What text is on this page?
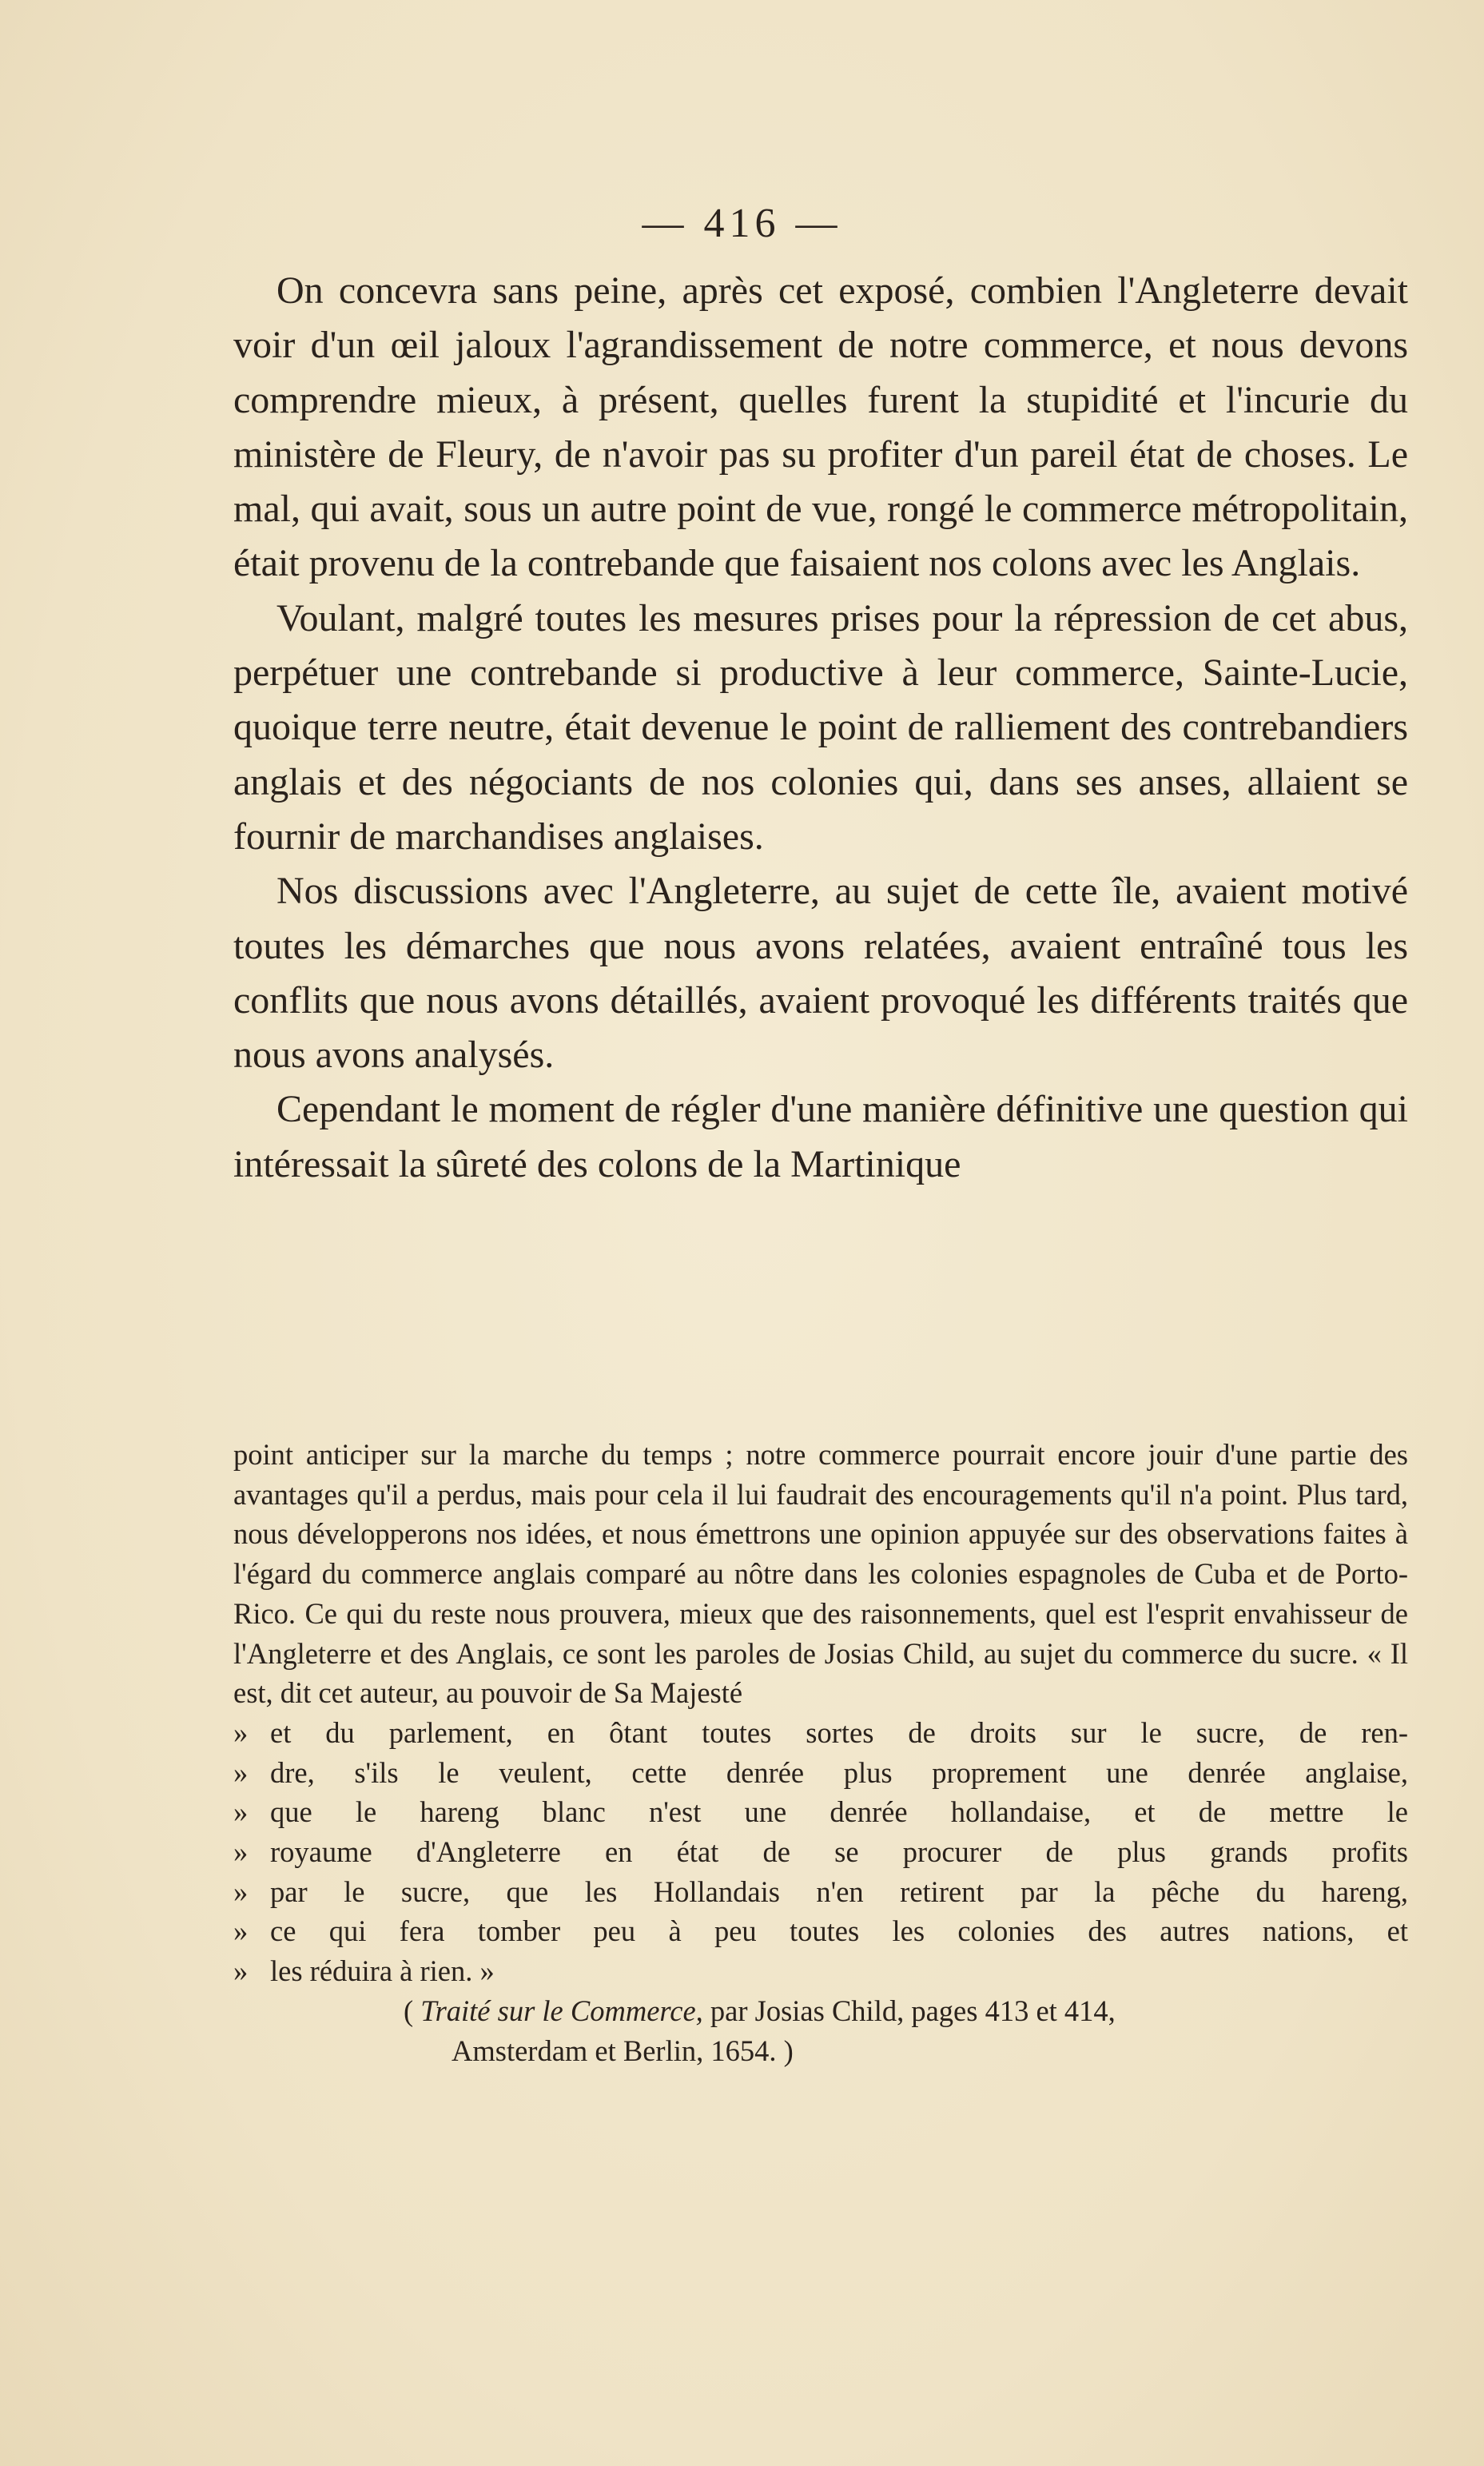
— 416 —

On concevra sans peine, après cet exposé, combien l'Angleterre devait voir d'un œil jaloux l'agrandissement de notre commerce, et nous devons comprendre mieux, à présent, quelles furent la stupidité et l'incurie du ministère de Fleury, de n'avoir pas su profiter d'un pareil état de choses. Le mal, qui avait, sous un autre point de vue, rongé le commerce métropolitain, était provenu de la contrebande que faisaient nos colons avec les Anglais.

Voulant, malgré toutes les mesures prises pour la répression de cet abus, perpétuer une contrebande si productive à leur commerce, Sainte-Lucie, quoique terre neutre, était devenue le point de ralliement des contrebandiers anglais et des négociants de nos colonies qui, dans ses anses, allaient se fournir de marchandises anglaises.

Nos discussions avec l'Angleterre, au sujet de cette île, avaient motivé toutes les démarches que nous avons relatées, avaient entraîné tous les conflits que nous avons détaillés, avaient provoqué les différents traités que nous avons analysés.

Cependant le moment de régler d'une manière définitive une question qui intéressait la sûreté des colons de la Martinique

point anticiper sur la marche du temps ; notre commerce pourrait encore jouir d'une partie des avantages qu'il a perdus, mais pour cela il lui faudrait des encouragements qu'il n'a point. Plus tard, nous développerons nos idées, et nous émettrons une opinion appuyée sur des observations faites à l'égard du commerce anglais comparé au nôtre dans les colonies espagnoles de Cuba et de Porto-Rico. Ce qui du reste nous prouvera, mieux que des raisonnements, quel est l'esprit envahisseur de l'Angleterre et des Anglais, ce sont les paroles de Josias Child, au sujet du commerce du sucre. « Il est, dit cet auteur, au pouvoir de Sa Majesté

» et du parlement, en ôtant toutes sortes de droits sur le sucre, de ren-
» dre, s'ils le veulent, cette denrée plus proprement une denrée anglaise,
» que le hareng blanc n'est une denrée hollandaise, et de mettre le
» royaume d'Angleterre en état de se procurer de plus grands profits
» par le sucre, que les Hollandais n'en retirent par la pêche du hareng,
» ce qui fera tomber peu à peu toutes les colonies des autres nations, et
» les réduira à rien. »
( Traité sur le Commerce, par Josias Child, pages 413 et 414,
Amsterdam et Berlin, 1654. )
